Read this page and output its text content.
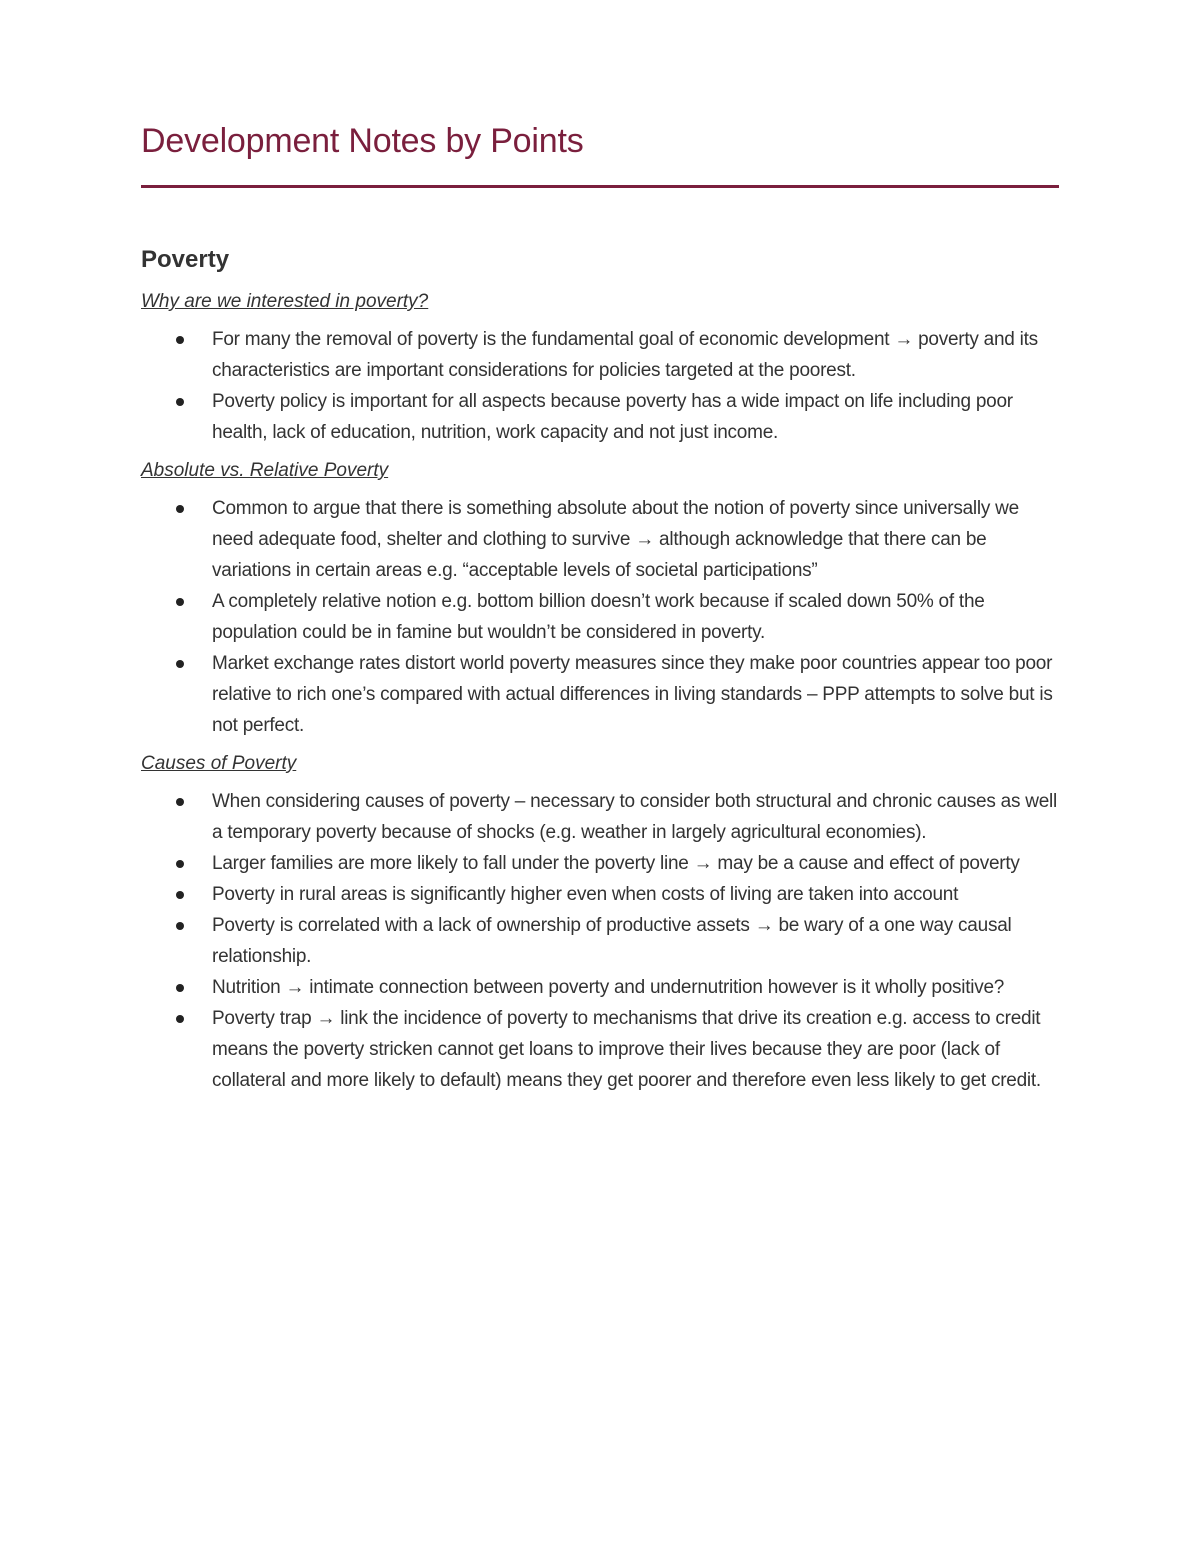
Development Notes by Points
Poverty
Why are we interested in poverty?
For many the removal of poverty is the fundamental goal of economic development → poverty and its characteristics are important considerations for policies targeted at the poorest.
Poverty policy is important for all aspects because poverty has a wide impact on life including poor health, lack of education, nutrition, work capacity and not just income.
Absolute vs. Relative Poverty
Common to argue that there is something absolute about the notion of poverty since universally we need adequate food, shelter and clothing to survive → although acknowledge that there can be variations in certain areas e.g. “acceptable levels of societal participations”
A completely relative notion e.g. bottom billion doesn’t work because if scaled down 50% of the population could be in famine but wouldn’t be considered in poverty.
Market exchange rates distort world poverty measures since they make poor countries appear too poor relative to rich one’s compared with actual differences in living standards – PPP attempts to solve but is not perfect.
Causes of Poverty
When considering causes of poverty – necessary to consider both structural and chronic causes as well a temporary poverty because of shocks (e.g. weather in largely agricultural economies).
Larger families are more likely to fall under the poverty line → may be a cause and effect of poverty
Poverty in rural areas is significantly higher even when costs of living are taken into account
Poverty is correlated with a lack of ownership of productive assets → be wary of a one way causal relationship.
Nutrition → intimate connection between poverty and undernutrition however is it wholly positive?
Poverty trap → link the incidence of poverty to mechanisms that drive its creation e.g. access to credit means the poverty stricken cannot get loans to improve their lives because they are poor (lack of collateral and more likely to default) means they get poorer and therefore even less likely to get credit.
